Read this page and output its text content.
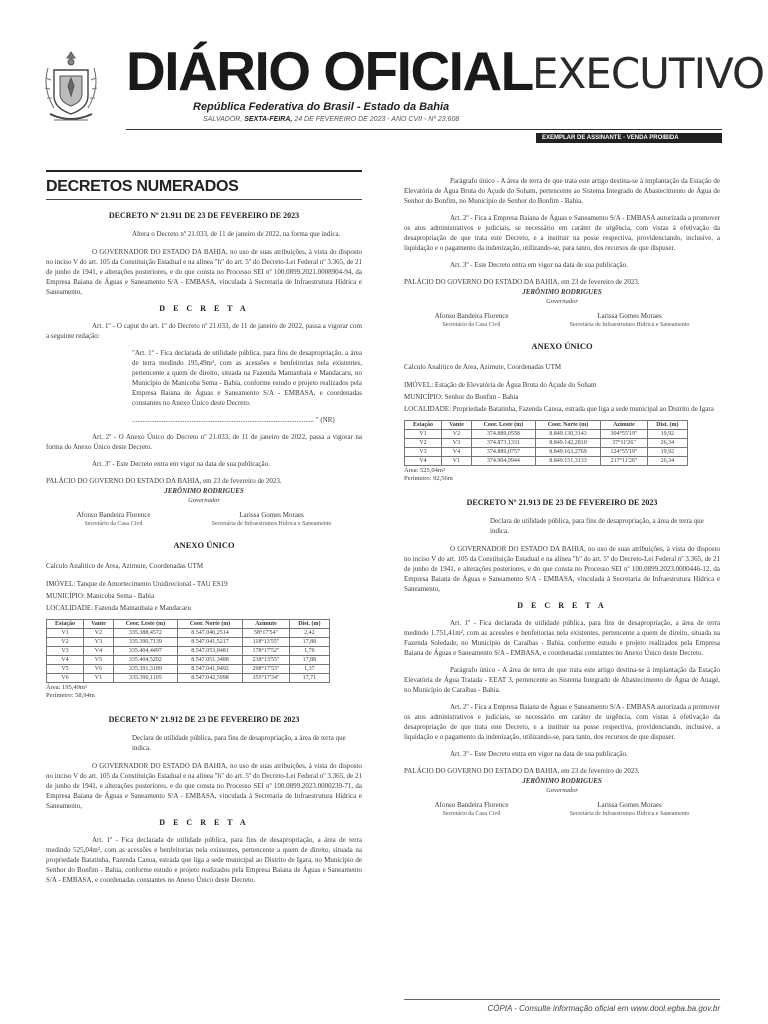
DIÁRIO OFICIAL EXECUTIVO
República Federativa do Brasil - Estado da Bahia
SALVADOR, SEXTA-FEIRA, 24 DE FEVEREIRO DE 2023 - ANO CVII - Nº 23.608
EXEMPLAR DE ASSINANTE - VENDA PROIBIDA
DECRETOS NUMERADOS
DECRETO Nº 21.911 DE 23 DE FEVEREIRO DE 2023
Altera o Decreto nº 21.033, de 11 de janeiro de 2022, na forma que indica.

O GOVERNADOR DO ESTADO DA BAHIA, no uso de suas atribuições, à vista do disposto no inciso V do art. 105 da Constituição Estadual e na alínea "h" do art. 5º do Decreto-Lei Federal nº 3.365, de 21 de junho de 1941, e alterações posteriores, e do que consta no Processo SEI nº 100.0899.2021.0008904-94, da Empresa Baiana de Águas e Saneamento S/A - EMBASA, vinculada à Secretaria de Infraestrutura Hídrica e Saneamento,

D E C R E T A

Art. 1º - O caput do art. 1º do Decreto nº 21.033, de 11 de janeiro de 2022, passa a vigorar com a seguinte redação:

"Art. 1º - Fica declarada de utilidade pública, para fins de desapropriação, a área de terra medindo 195,49m², com as acessões e benfeitorias nela existentes, pertencente a quem de direito, situada na Fazenda Mamanbaia e Mandacaru, no Município de Manicoba Sema - Bahia, conforme estudo e projeto realizados pela Empresa Baiana de Águas e Saneamento S/A - EMBASA, e coordenadas constantes no Anexo Único deste Decreto.
........................................................................................................ " (NR)

Art. 2º - O Anexo Único do Decreto nº 21.033, de 11 de janeiro de 2022, passa a vigorar na forma do Anexo Único deste Decreto.

Art. 3º - Este Decreto entra em vigor na data de sua publicação.

PALÁCIO DO GOVERNO DO ESTADO DA BAHIA, em 23 de fevereiro de 2023.
JERÔNIMO RODRIGUES
Governador
Afonso Bandeira Florence
Secretário da Casa Civil
Larissa Gomes Moraes
Secretária de Infraestrutura Hídrica e Saneamento
ANEXO ÚNICO
Calculo Analitico de Area, Azimute, Coordenadas UTM
IMÓVEL: Tanque de Amortecimento Unidirecional - TAU ES19
MUNICÍPIO: Manicoba Sema - Bahia
LOCALIDADE: Fazenda Mamanbaia e Mandacaru
Estação	Vante	Coor. Leste (m)	Coor. Norte (m)	Azimute	Dist. (m)
V1	V2	335.388,4572	8.547.040,2514	58°17'54"	2,42
V2	V3	335.390,7139	8.547.041,5217	118°13'55"	17,88
V3	V4	335.404,4497	8.547.053,0481	178°17'52"	1,70
V4	V5	335.404,5202	8.547.051,3488	238°13'55"	17,88
V5	V6	335.391,3189	8.547.041,9492	298°17'53"	1,37
V6	V1	335.390,1105	8.547.042,5998	355°17'34"	17,71
Área: 195,49m²
Perímetro: 58,94m
DECRETO Nº 21.912 DE 23 DE FEVEREIRO DE 2023
Declara de utilidade pública, para fins de desapropriação, a área de terra que indica.

O GOVERNADOR DO ESTADO DA BAHIA, no uso de suas atribuições, à vista do disposto no inciso V do art. 105 da Constituição Estadual e na alínea "h" do art. 5º do Decreto-Lei Federal nº 3.365, de 21 de junho de 1941, e alterações posteriores, e do que consta no Processo SEI nº 100.0899.2023.0000239-71, da Empresa Baiana de Águas e Saneamento S/A - EMBASA, vinculada à Secretaria de Infraestrutura Hídrica e Saneamento,

D E C R E T A

Art. 1º - Fica declarada de utilidade pública, para fins de desapropriação, a área de terra medindo 525,04m², com as acessões e benfeitorias nela existentes, pertencente a quem de direito, situada na propriedade Batatinha, Fazenda Canoa, estrada que liga a sede municipal ao Distrito de Igara, no Município de Senhor do Bonfim - Bahia, conforme estudo e projeto realizados pela Empresa Baiana de Águas e Saneamento S/A - EMBASA, e coordenadas constantes no Anexo Único deste Decreto.

Parágrafo único - A área de terra de que trata este artigo destina-se à implantação da Estação de Elevatória de Água Bruta do Açude do Soham, pertencente ao Sistema Integrado de Abastecimento de Água de Senhor do Bonfim, no Município de Senhor do Bonfim - Bahia.

Art. 2º - Fica a Empresa Baiana de Águas e Saneamento S/A - EMBASA autorizada a promover os atos administrativos e judiciais, se necessário em caráter de urgência, com vistas à efetivação da desapropriação de que trata este Decreto, e a instituir na posse respectiva, providenciando, inclusive, a liquidação e o pagamento da indenização, utilizando-se, para tanto, dos recursos de que dispuser.

Art. 3º - Este Decreto entra em vigor na data de sua publicação.

PALÁCIO DO GOVERNO DO ESTADO DA BAHIA, em 23 de fevereiro de 2023.
JERÔNIMO RODRIGUES
Governador
Afonso Bandeira Florence
Secretário da Casa Civil
Larissa Gomes Moraes
Secretária de Infraestrutura Hídrica e Saneamento
ANEXO ÚNICO
Calculo Analitico de Area, Azimute, Coordenadas UTM
IMÓVEL: Estação de Elevatória de Água Bruta do Açude do Soham
MUNICÍPIO: Senhor do Bonfim - Bahia
LOCALIDADE: Propriedade Batatinha, Fazenda Canoa, estrada que liga a sede municipal ao Distrito de Igara
Estação	Vante	Coor. Leste (m)	Coor. Norte (m)	Azimute	Dist. (m)
V1	V2	374.889,0558	8.849.130,3143	304°55'19"	19,92
V2	V3	374.873,1331	8.849.142,2810	37°11'26"	26,34
V3	V4	374.889,0757	8.849.163,2769	124°55'19"	19,92
V4	V1	374.904,9944	8.849.151,3133	217°11'26"	26,34
Área: 525,04m²
Perímetro: 92,56m
DECRETO Nº 21.913 DE 23 DE FEVEREIRO DE 2023
Declara de utilidade pública, para fins de desapropriação, a área de terra que indica.

O GOVERNADOR DO ESTADO DA BAHIA, no uso de suas atribuições, à vista do disposto no inciso V do art. 105 da Constituição Estadual e na alínea "h" do art. 5º do Decreto-Lei Federal nº 3.365, de 21 de junho de 1941, e alterações posteriores, e do que consta no Processo SEI nº 100.0899.2023.0000446-12, da Empresa Baiana de Águas e Saneamento S/A - EMBASA, vinculada à Secretaria de Infraestrutura Hídrica e Saneamento,

D E C R E T A

Art. 1º - Fica declarada de utilidade pública, para fins de desapropriação, a área de terra medindo 1.751,41m², com as acessões e benfeitorias nela existentes, pertencente a quem de direito, situada na Fazenda Soledade, no Município de Caraíbas - Bahia, conforme estudo e projeto realizados pela Empresa Baiana de Águas e Saneamento S/A - EMBASA, e coordenadas constantes no Anexo Único deste Decreto.

Parágrafo único - A área de terra de que trata este artigo destina-se à implantação da Estação Elevatória de Água Tratada - EEAT 3, pertencente ao Sistema Integrado de Abastecimento de Água de Anagé, no Município de Caraíbas - Bahia.

Art. 2º - Fica a Empresa Baiana de Águas e Saneamento S/A - EMBASA autorizada a promover os atos administrativos e judiciais, se necessário em caráter de urgência, com vistas à efetivação da desapropriação de que trata este Decreto, e a instituir na posse respectiva, providenciando, inclusive, a liquidação e o pagamento da indenização, utilizando-se, para tanto, dos recursos de que dispuser.

Art. 3º - Este Decreto entra em vigor na data de sua publicação.

PALÁCIO DO GOVERNO DO ESTADO DA BAHIA, em 23 de fevereiro de 2023.
JERÔNIMO RODRIGUES
Governador
Afonso Bandeira Florence
Secretário da Casa Civil
Larissa Gomes Moraes
Secretária de Infraestrutura Hídrica e Saneamento
CÓPIA - Consulte informação oficial em www.dool.egba.ba.gov.br
